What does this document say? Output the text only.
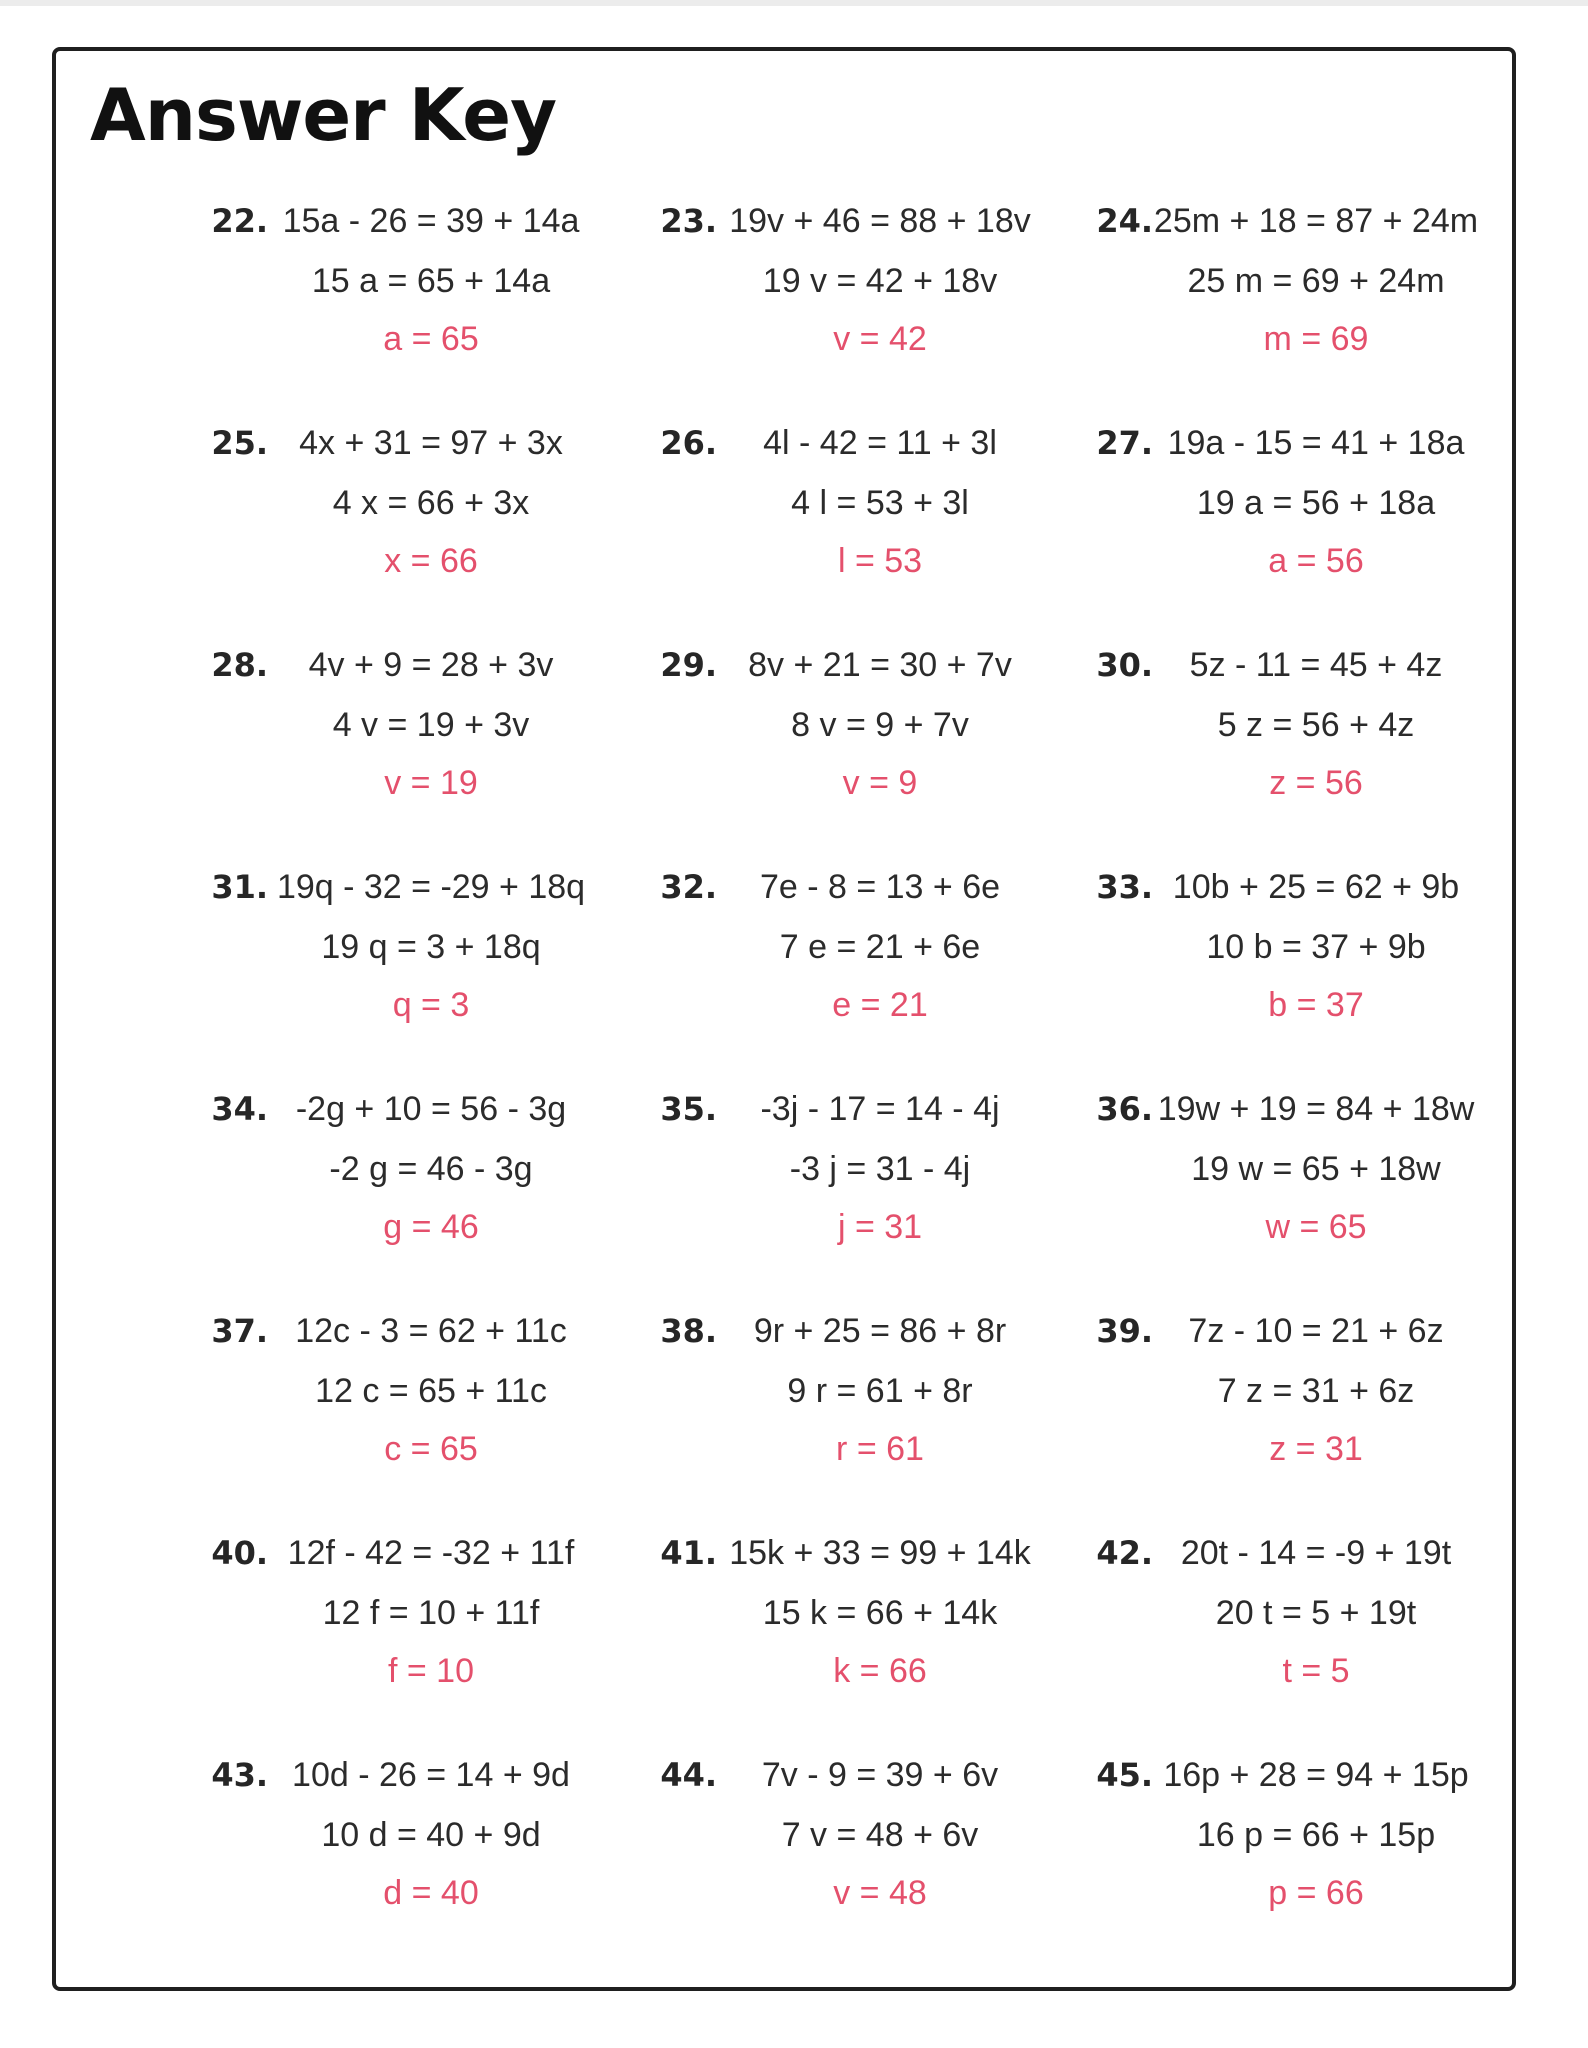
Answer Key
22. 15a - 26 = 39 + 14a
15 a = 65 + 14a
a = 65
23. 19v + 46 = 88 + 18v
19 v = 42 + 18v
v = 42
24. 25m + 18 = 87 + 24m
25 m = 69 + 24m
m = 69
25. 4x + 31 = 97 + 3x
4 x = 66 + 3x
x = 66
26.	4l - 42 = 11 + 3l
4 l = 53 + 3l
l = 53
27. 19a - 15 = 41 + 18a
19 a = 56 + 18a
a = 56
28.	4v + 9 = 28 + 3v
4 v = 19 + 3v
v = 19
29. 8v + 21 = 30 + 7v
8 v = 9 + 7v
v = 9
30.	5z - 11 = 45 + 4z
5 z = 56 + 4z
z = 56
31. 19q - 32 = -29 + 18q
19 q = 3 + 18q
q = 3
32.	7e - 8 = 13 + 6e
7 e = 21 + 6e
e = 21
33. 10b + 25 = 62 + 9b
10 b = 37 + 9b
b = 37
34. -2g + 10 = 56 - 3g
-2 g = 46 - 3g
g = 46
35.	-3j - 17 = 14 - 4j
-3 j = 31 - 4j
j = 31
36. 19w + 19 = 84 + 18w
19 w = 65 + 18w
w = 65
37. 12c - 3 = 62 + 11c
12 c = 65 + 11c
c = 65
38.	9r + 25 = 86 + 8r
9 r = 61 + 8r
r = 61
39.	7z - 10 = 21 + 6z
7 z = 31 + 6z
z = 31
40. 12f - 42 = -32 + 11f
12 f = 10 + 11f
f = 10
41. 15k + 33 = 99 + 14k
15 k = 66 + 14k
k = 66
42. 20t - 14 = -9 + 19t
20 t = 5 + 19t
t = 5
43. 10d - 26 = 14 + 9d
10 d = 40 + 9d
d = 40
44.	7v - 9 = 39 + 6v
7 v = 48 + 6v
v = 48
45. 16p + 28 = 94 + 15p
16 p = 66 + 15p
p = 66
